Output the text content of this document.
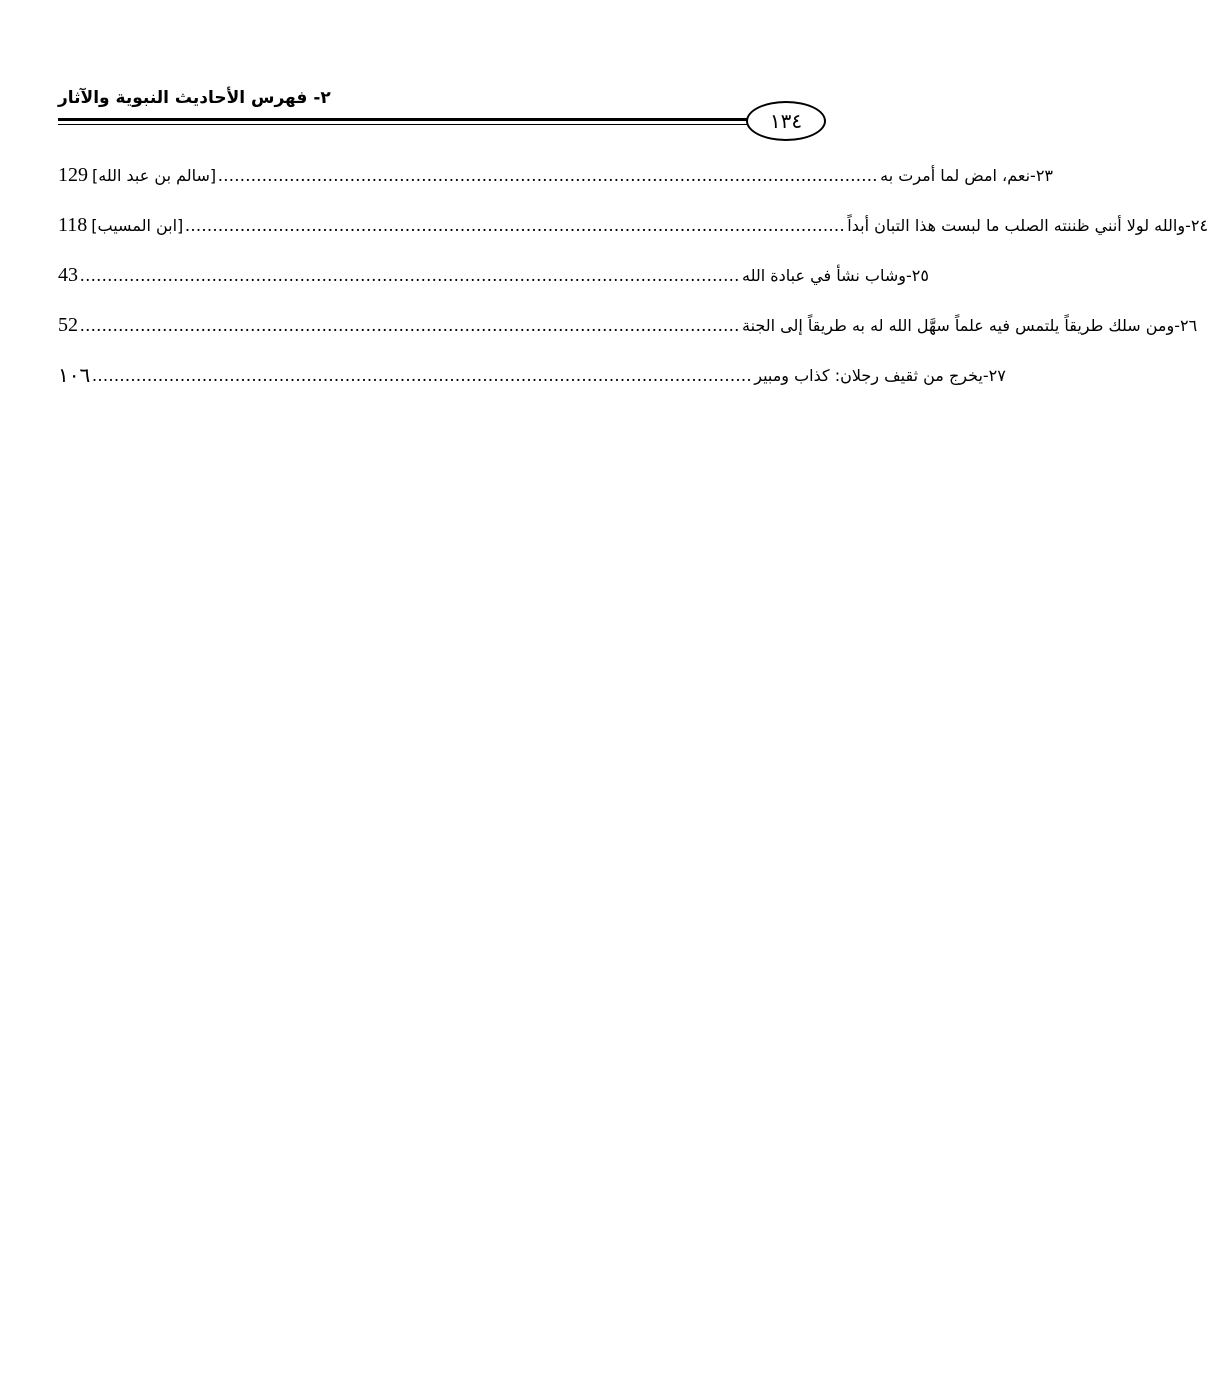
٢- فهرس الأحاديث النبوية والآثار
١٣٤
129 [سالم بن عبد الله] ........................................................................................................................ ٢٣-نعم، امض لما أمرت به
118 [ابن المسيب] ........................................................................................................................ ٢٤-والله لولا أنني ظننته الصلب ما لبست هذا التبان أبداً
43 ........................................................................................................................ ٢٥-وشاب نشأ في عبادة الله
52 ........................................................................................................................ ٢٦-ومن سلك طريقاً يلتمس فيه علماً سهَّل الله له به طريقاً إلى الجنة
١٠٦ ........................................................................................................................ ٢٧-يخرج من ثقيف رجلان: كذاب ومبير
